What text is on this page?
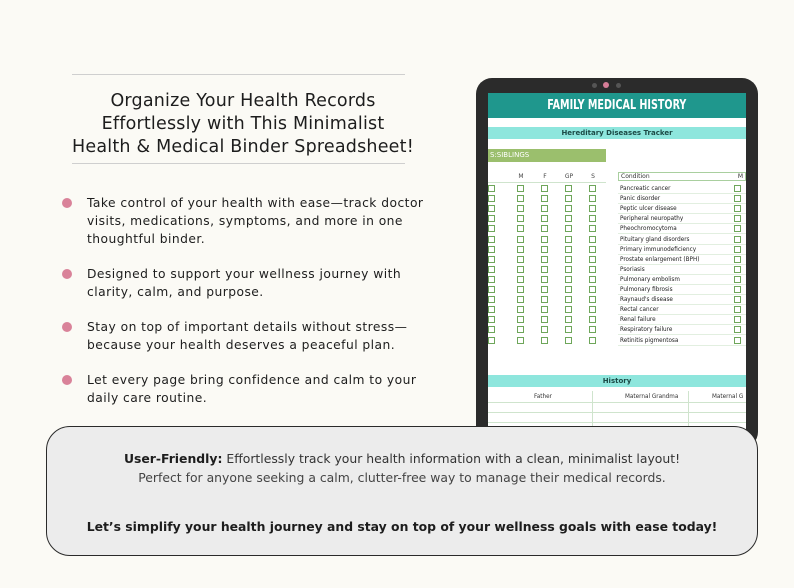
Organize Your Health Records
Effortlessly with This Minimalist
Health & Medical Binder Spreadsheet!
Take control of your health with ease—track doctor
visits, medications, symptoms, and more in one
thoughtful binder.
Designed to support your wellness journey with
clarity, calm, and purpose.
Stay on top of important details without stress—
because your health deserves a peaceful plan.
Let every page bring confidence and calm to your
daily care routine.
FAMILY MEDICAL HISTORY
Hereditary Diseases Tracker
S:SIBLINGS
M	F	GP	S	Condition	M
Pancreatic cancer
Panic disorder
Peptic ulcer disease
Peripheral neuropathy
Pheochromocytoma
Pituitary gland disorders
Primary immunodeficiency
Prostate enlargement (BPH)
Psoriasis
Pulmonary embolism
Pulmonary fibrosis
Raynaud's disease
Rectal cancer
Renal failure
Respiratory failure
Retinitis pigmentosa
History
Father	Maternal Grandma	Maternal G
User-Friendly: Effortlessly track your health information with a clean, minimalist layout!
Perfect for anyone seeking a calm, clutter-free way to manage their medical records.
Let’s simplify your health journey and stay on top of your wellness goals with ease today!
